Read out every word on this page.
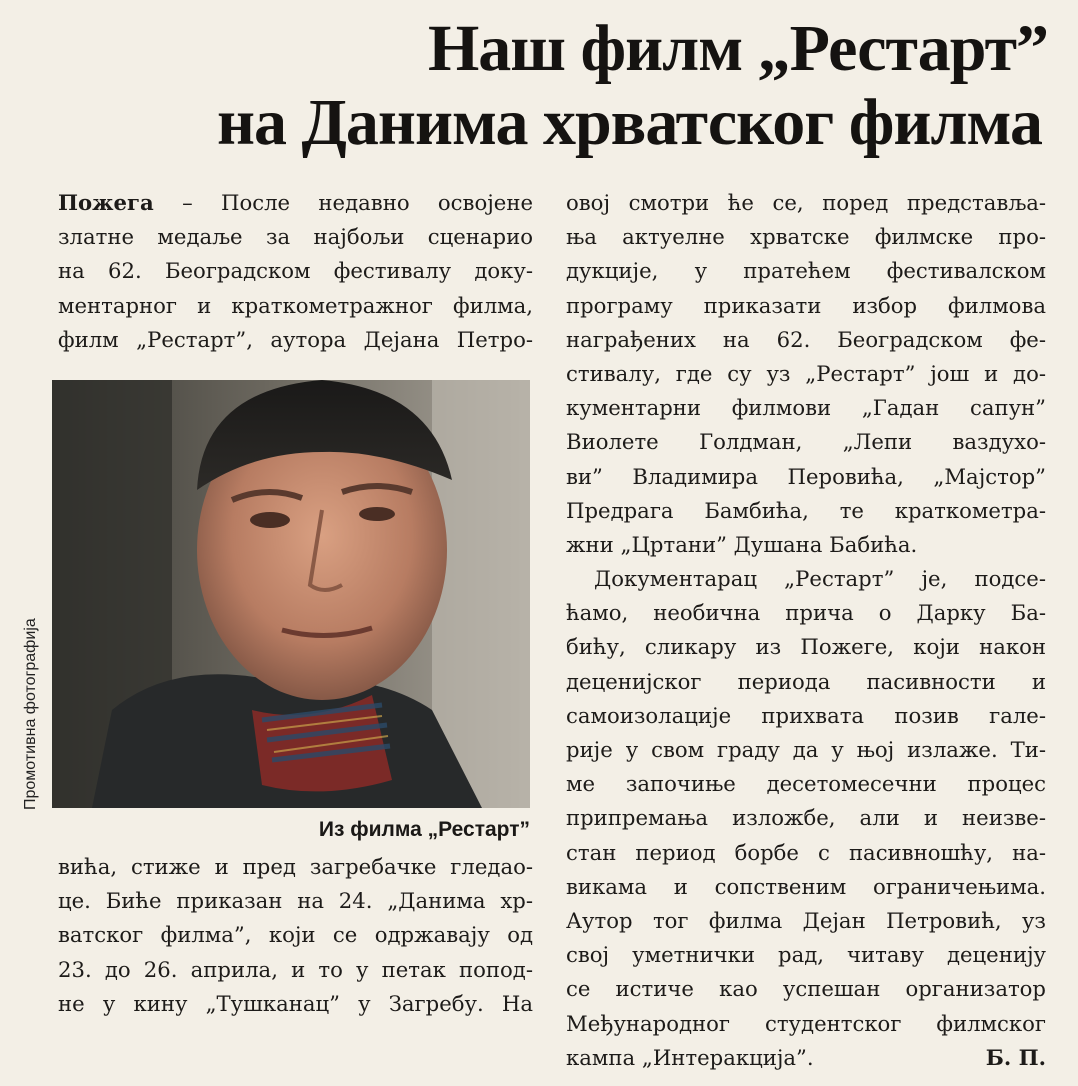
Наш филм „Рестарт”
на Данима хрватског филма
Пожега – После недавно освојене
златне медаље за најбољи сценарио
на 62. Београдском фестивалу доку-
ментарног и краткометражног филма,
филм „Рестарт”, аутора Дејана Петро-
Промотивна фотографија
Из филма „Рестарт”
вића, стиже и пред загребачке гледао-
це. Биће приказан на 24. „Данима хр-
ватског филма”, који се одржавају од
23. до 26. априла, и то у петак попод-
не у кину „Тушканац” у Загребу. На
овој смотри ће се, поред представља-
ња актуелне хрватске филмске про-
дукције, у пратећем фестивалском
програму приказати избор филмова
награђених на 62. Београдском фе-
стивалу, где су уз „Рестарт” још и до-
кументарни филмови „Гадан сапун”
Виолете Голдман, „Лепи ваздухо-
ви” Владимира Перовића, „Мајстор”
Предрага Бамбића, те краткометра-
жни „Цртани” Душана Бабића.
Документарац „Рестарт” је, подсе-
ћамо, необична прича о Дарку Ба-
бићу, сликару из Пожеге, који након
деценијског периода пасивности и
самоизолације прихвата позив гале-
рије у свом граду да у њој излаже. Ти-
ме започиње десетомесечни процес
припремања изложбе, али и неизве-
стан период борбе с пасивношћу, на-
викама и сопственим ограничењима.
Аутор тог филма Дејан Петровић, уз
свој уметнички рад, читаву деценију
се истиче као успешан организатор
Међународног студентског филмског
кампа „Интеракција”.	Б. П.
